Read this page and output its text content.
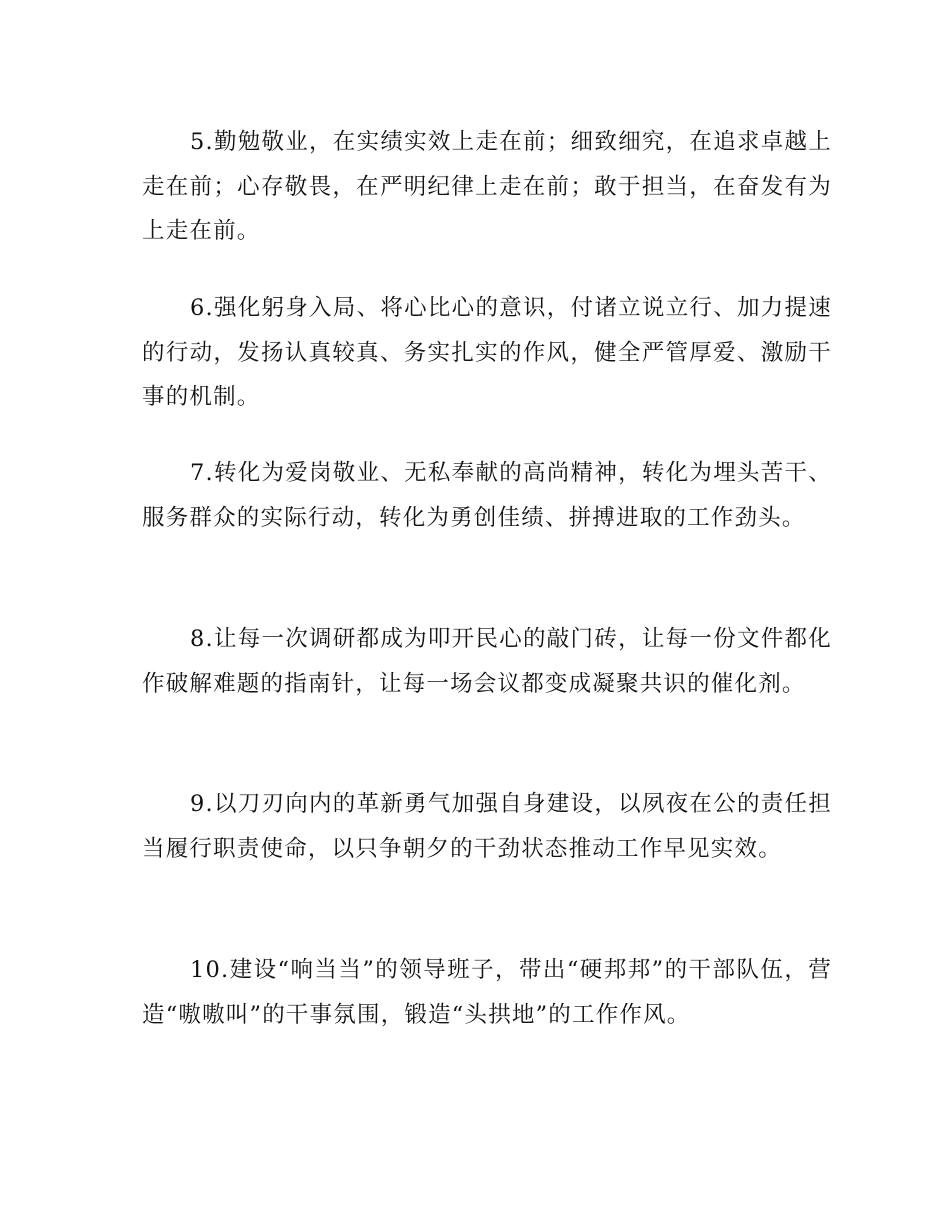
5.勤勉敬业，在实绩实效上走在前；细致细究，在追求卓越上走在前；心存敬畏，在严明纪律上走在前；敢于担当，在奋发有为上走在前。

6.强化躬身入局、将心比心的意识，付诸立说立行、加力提速的行动，发扬认真较真、务实扎实的作风，健全严管厚爱、激励干事的机制。

7.转化为爱岗敬业、无私奉献的高尚精神，转化为埋头苦干、服务群众的实际行动，转化为勇创佳绩、拼搏进取的工作劲头。

8.让每一次调研都成为叩开民心的敲门砖，让每一份文件都化作破解难题的指南针，让每一场会议都变成凝聚共识的催化剂。

9.以刀刃向内的革新勇气加强自身建设，以夙夜在公的责任担当履行职责使命，以只争朝夕的干劲状态推动工作早见实效。

10.建设“响当当”的领导班子，带出“硬邦邦”的干部队伍，营造“嗷嗷叫”的干事氛围，锻造“头拱地”的工作作风。
